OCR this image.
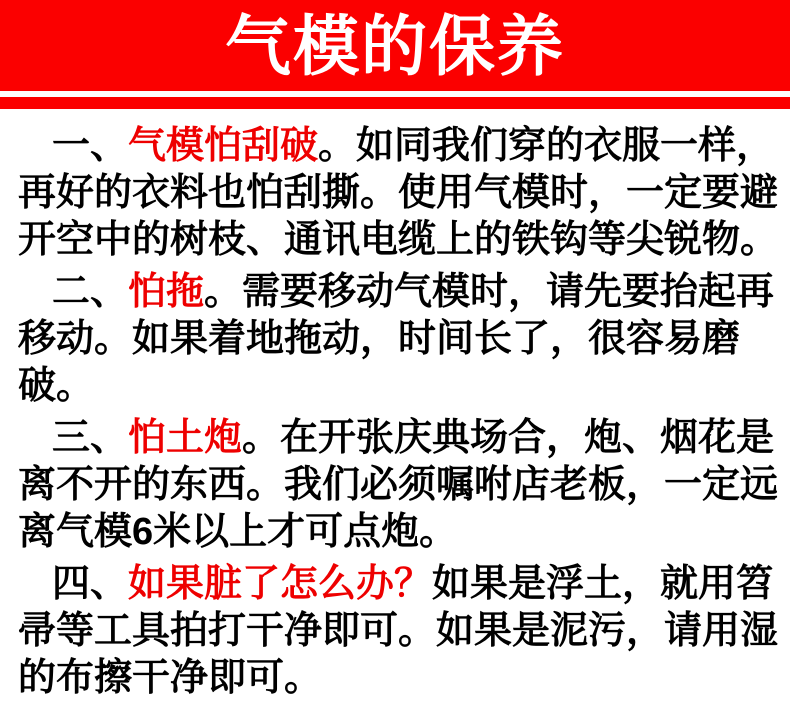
气模的保养

一、气模怕刮破。如同我们穿的衣服一样，再好的衣料也怕刮撕。使用气模时，一定要避开空中的树枝、通讯电缆上的铁钩等尖锐物。

二、怕拖。需要移动气模时，请先要抬起再移动。如果着地拖动，时间长了，很容易磨破。

三、怕土炮。在开张庆典场合，炮、烟花是离不开的东西。我们必须嘱咐店老板，一定远离气模6米以上才可点炮。

四、如果脏了怎么办？如果是浮土，就用笤帚等工具拍打干净即可。如果是泥污，请用湿的布擦干净即可。
